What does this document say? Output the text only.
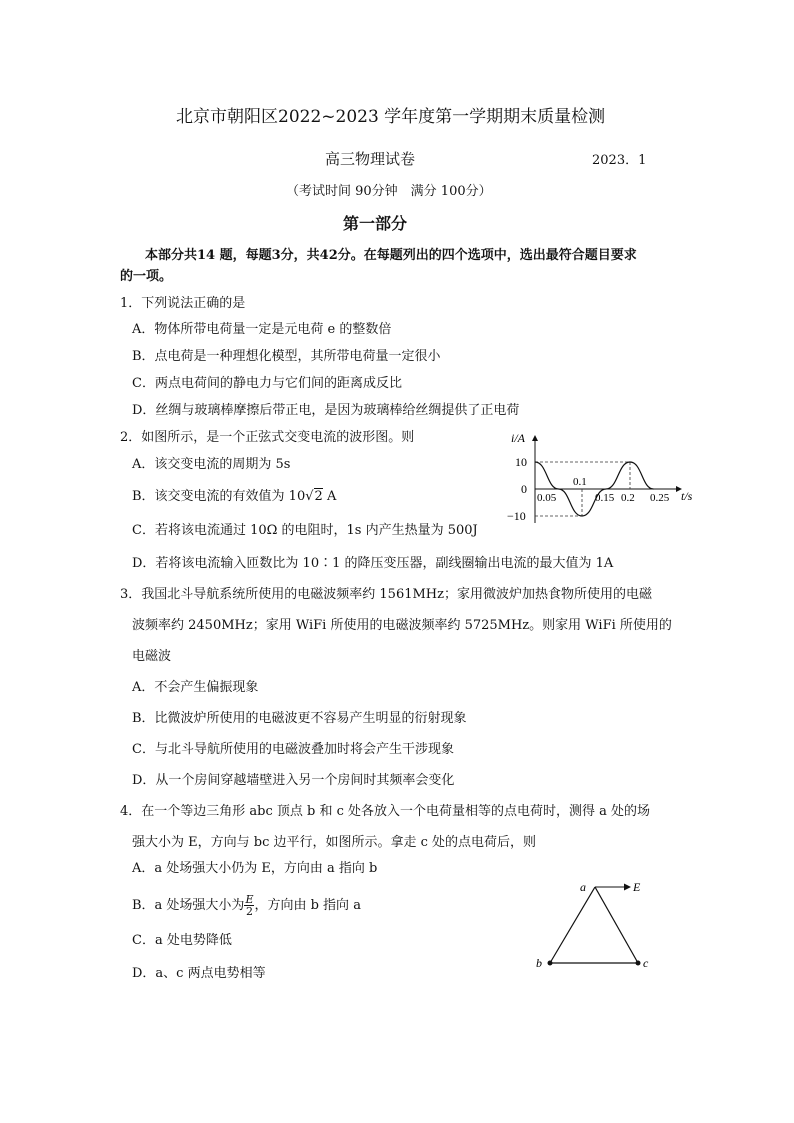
北京市朝阳区2022~2023 学年度第一学期期末质量检测
高三物理试卷	2023．1
（考试时间 90分钟　满分 100分）
第一部分
本部分共14 题，每题3分，共42分。在每题列出的四个选项中，选出最符合题目要求
的一项。
1．下列说法正确的是
A．物体所带电荷量一定是元电荷 e 的整数倍
B．点电荷是一种理想化模型，其所带电荷量一定很小
C．两点电荷间的静电力与它们间的距离成反比
D．丝绸与玻璃棒摩擦后带正电，是因为玻璃棒给丝绸提供了正电荷
2．如图所示，是一个正弦式交变电流的波形图。则
A．该交变电流的周期为 5s
B．该交变电流的有效值为 10√2 A
C．若将该电流通过 10Ω 的电阻时，1s 内产生热量为 500J
D．若将该电流输入匝数比为 10∶1 的降压变压器，副线圈输出电流的最大值为 1A
i/A
10
0
−10
0.05
0.1
0.15 0.2 0.25 t/s
3．我国北斗导航系统所使用的电磁波频率约 1561MHz；家用微波炉加热食物所使用的电磁
波频率约 2450MHz；家用 WiFi 所使用的电磁波频率约 5725MHz。则家用 WiFi 所使用的
电磁波
A．不会产生偏振现象
B．比微波炉所使用的电磁波更不容易产生明显的衍射现象
C．与北斗导航所使用的电磁波叠加时将会产生干涉现象
D．从一个房间穿越墙壁进入另一个房间时其频率会变化
4．在一个等边三角形 abc 顶点 b 和 c 处各放入一个电荷量相等的点电荷时，测得 a 处的场
强大小为 E，方向与 bc 边平行，如图所示。拿走 c 处的点电荷后，则
A．a 处场强大小仍为 E，方向由 a 指向 b
B．a 处场强大小为 $\frac{E}{2}$ ，方向由 b 指向 a
C．a 处电势降低
D．a、c 两点电势相等
a	E
b	c
